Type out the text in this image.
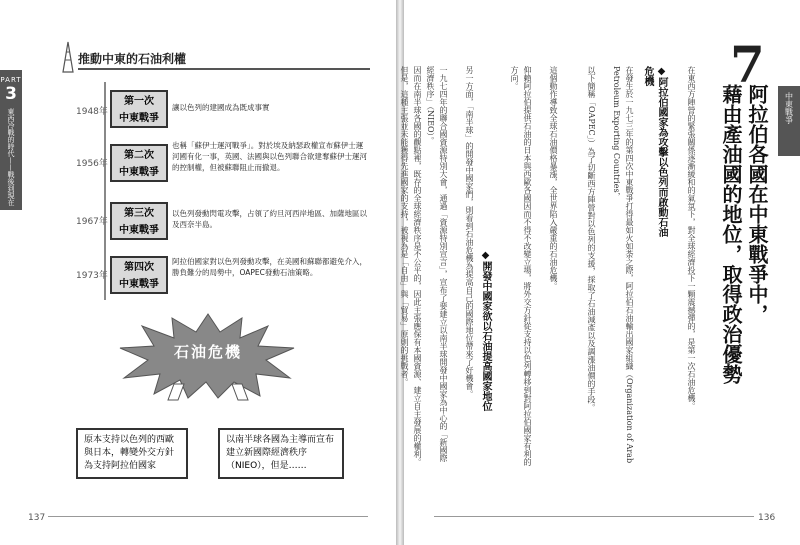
PART
3
東西冷戰的時代——戰後到現在
推動中東的石油利權
1948年
第一次
中東戰爭
讓以色列的建國成為既成事實
1956年
第二次
中東戰爭
也稱「蘇伊士運河戰爭」。對於埃及納瑟政權宣布蘇伊士運河國有化一事，英國、法國與以色列聯合欲建奪蘇伊士運河的控制權，但被蘇聯阻止而撤退。
1967年
第三次
中東戰爭
以色列發動閃電攻擊，占領了約旦河西岸地區、加薩地區以及西奈半島。
1973年
第四次
中東戰爭
阿拉伯國家對以色列發動攻擊，在美國和蘇聯都避免介入，勝負難分的局勢中，OAPEC發動石油策略。
石油危機
原本支持以色列的西歐與日本，轉變外交方針為支持阿拉伯國家
以南半球各國為主導而宣布建立新國際經濟秩序（NIEO），但是……
137
中東戰爭
7
阿拉伯各國在中東戰爭中，
藉由產油國的地位，取得政治優勢
在東西方陣營的緊張關係逐漸緩和的氣氛下，對全球經濟投下一顆震撼彈的，是第一次石油危機。
◆阿拉伯國家為攻擊以色列而啟動石油危機
在發生於一九七三年的第四次中東戰爭打得最如火如荼之際，阿拉伯石油輸出國家組織（Organization of Arab Petroleum Exporting Countries，
以下簡稱「OAPEC」）為了切斷西方陣營對以色列的支援，採取了石油減產以及調漲油價的手段。
這個動作導致全球石油價格暴漲，全世界陷入嚴重的石油危機。
仰賴阿拉伯提供石油的日本與西歐各國因而不得不改變立場，將外交方針從支持以色列轉移到對阿拉伯國家有利的方向。
◆開發中國家欲以石油提高國家地位
另一方面，「南半球」的開發中國家們，則看到石油危機為提高自己的國際地位帶來了好機會。
一九七四年的聯合國資源特別大會，通過「資源特別宣言」，宣布了要建立以南半球開發中國家為中心的「新國際經濟秩序」（NIEO）。
因而在南半球各國的觀點裡，既存的全球經濟秩序是不公平的，因此主張應保有本國資源、建立自主發展的權利。但是，這種主張並未能獲得先進國家的支持，被視為是「自由」與「貿易」原則的挑戰者。
136
